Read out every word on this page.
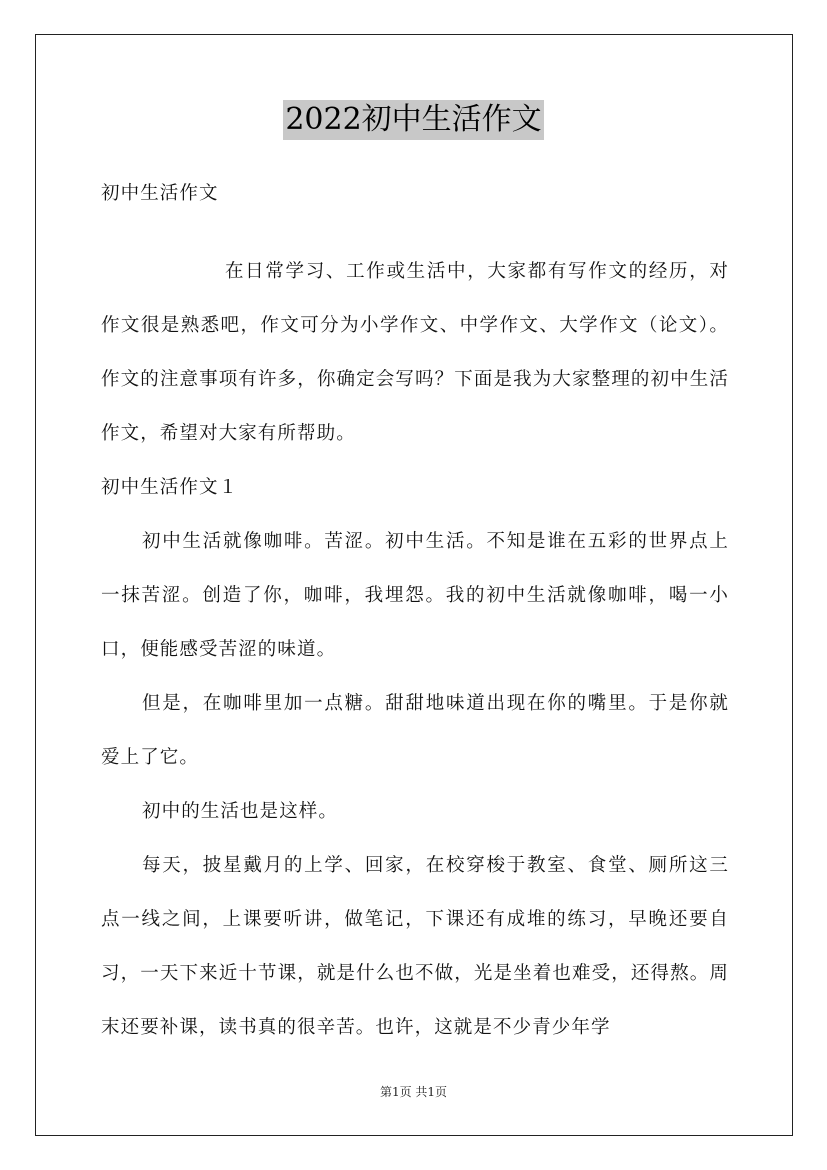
2022初中生活作文

初中生活作文

在日常学习、工作或生活中，大家都有写作文的经历，对作文很是熟悉吧，作文可分为小学作文、中学作文、大学作文（论文）。作文的注意事项有许多，你确定会写吗？下面是我为大家整理的初中生活作文，希望对大家有所帮助。

初中生活作文１

初中生活就像咖啡。苦涩。初中生活。不知是谁在五彩的世界点上一抹苦涩。创造了你，咖啡，我埋怨。我的初中生活就像咖啡，喝一小口，便能感受苦涩的味道。

但是，在咖啡里加一点糖。甜甜地味道出现在你的嘴里。于是你就爱上了它。

初中的生活也是这样。

每天，披星戴月的上学、回家，在校穿梭于教室、食堂、厕所这三点一线之间，上课要听讲，做笔记，下课还有成堆的练习，早晚还要自习，一天下来近十节课，就是什么也不做，光是坐着也难受，还得熬。周末还要补课，读书真的很辛苦。也许，这就是不少青少年学

第1页 共1页
